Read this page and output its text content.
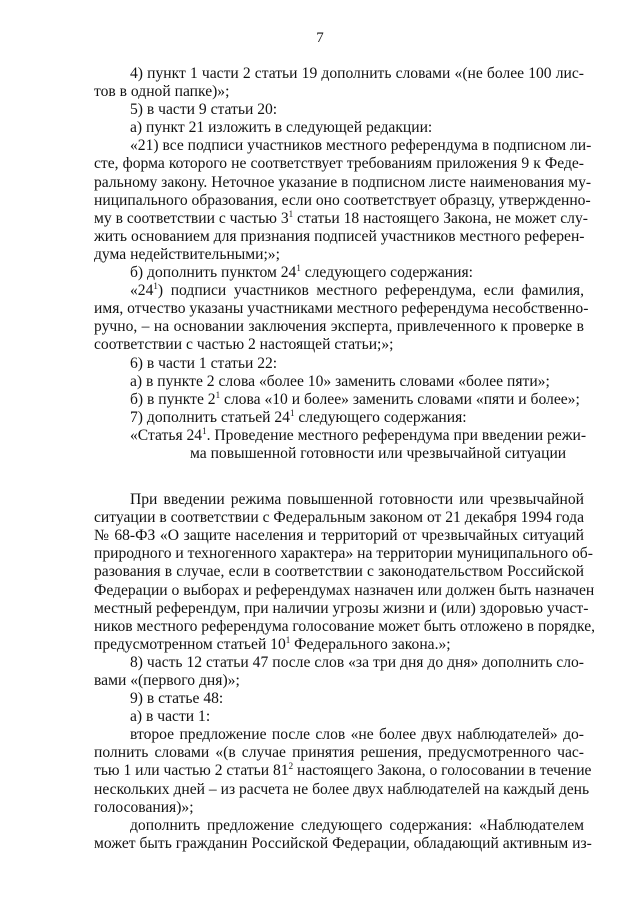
7
4) пункт 1 части 2 статьи 19 дополнить словами «(не более 100 лис-
тов в одной папке)»;
5) в части 9 статьи 20:
а) пункт 21 изложить в следующей редакции:
«21) все подписи участников местного референдума в подписном ли-
сте, форма которого не соответствует требованиям приложения 9 к Феде-
ральному закону. Неточное указание в подписном листе наименования му-
ниципального образования, если оно соответствует образцу, утвержденно-
му в соответствии с частью $3^1$ статьи 18 настоящего Закона, не может слу-
жить основанием для признания подписей участников местного референ-
дума недействительными;»;
б) дополнить пунктом $24^1$ следующего содержания:
«$24^1$) подписи участников местного референдума, если фамилия,
имя, отчество указаны участниками местного референдума несобственно-
ручно, – на основании заключения эксперта, привлеченного к проверке в
соответствии с частью 2 настоящей статьи;»;
6) в части 1 статьи 22:
а) в пункте 2 слова «более 10» заменить словами «более пяти»;
б) в пункте $2^1$ слова «10 и более» заменить словами «пяти и более»;
7) дополнить статьей $24^1$ следующего содержания:
«Статья $24^1$. Проведение местного референдума при введении режи-
ма повышенной готовности или чрезвычайной ситуации
При введении режима повышенной готовности или чрезвычайной
ситуации в соответствии с Федеральным законом от 21 декабря 1994 года
№ 68-ФЗ «О защите населения и территорий от чрезвычайных ситуаций
природного и техногенного характера» на территории муниципального об-
разования в случае, если в соответствии с законодательством Российской
Федерации о выборах и референдумах назначен или должен быть назначен
местный референдум, при наличии угрозы жизни и (или) здоровью участ-
ников местного референдума голосование может быть отложено в порядке,
предусмотренном статьей $10^1$ Федерального закона.»;
8) часть 12 статьи 47 после слов «за три дня до дня» дополнить сло-
вами «(первого дня)»;
9) в статье 48:
а) в части 1:
второе предложение после слов «не более двух наблюдателей» до-
полнить словами «(в случае принятия решения, предусмотренного час-
тью 1 или частью 2 статьи $81^2$ настоящего Закона, о голосовании в течение
нескольких дней – из расчета не более двух наблюдателей на каждый день
голосования)»;
дополнить предложение следующего содержания: «Наблюдателем
может быть гражданин Российской Федерации, обладающий активным из-
